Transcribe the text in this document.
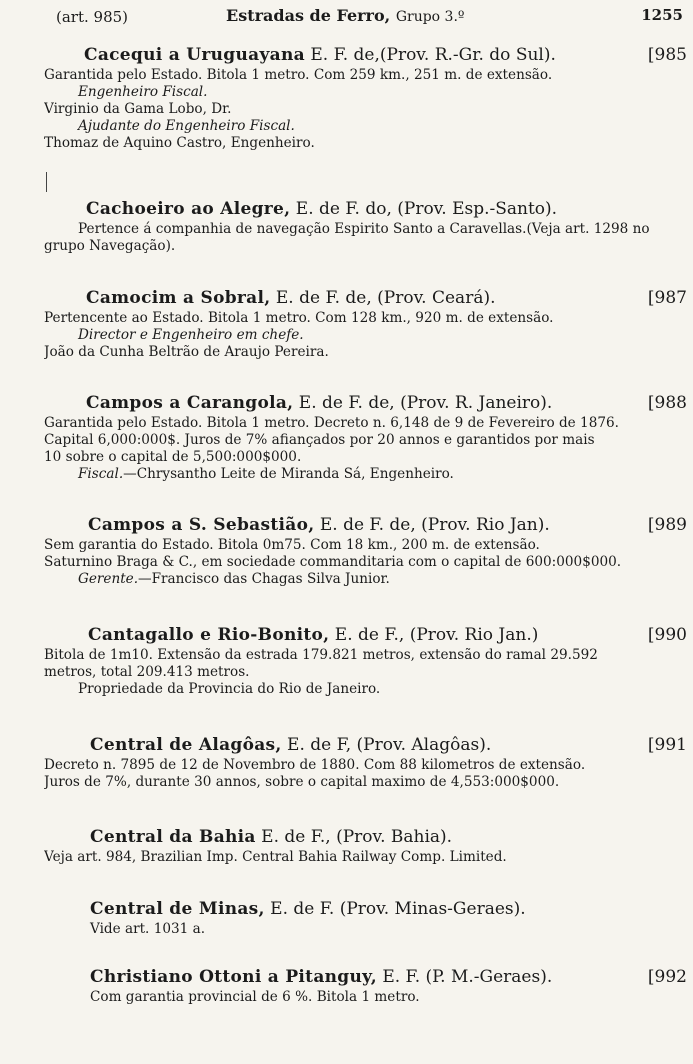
(art. 985)	Estradas de Ferro, Grupo 3.º	1255
Cacequi a Uruguayana E. F. de,(Prov. R.-Gr. do Sul).	[985
Garantida pelo Estado. Bitola 1 metro. Com 259 km., 251 m. de extensão.
Engenheiro Fiscal.
Virginio da Gama Lobo, Dr.
Ajudante do Engenheiro Fiscal.
Thomaz de Aquino Castro, Engenheiro.
Cachoeiro ao Alegre, E. de F. do, (Prov. Esp.-Santo).
Pertence á companhia de navegação Espirito Santo a Caravellas.(Veja art. 1298 no
grupo Navegação).
Camocim a Sobral, E. de F. de, (Prov. Ceará).	[987
Pertencente ao Estado. Bitola 1 metro. Com 128 km., 920 m. de extensão.
Director e Engenheiro em chefe.
João da Cunha Beltrão de Araujo Pereira.
Campos a Carangola, E. de F. de, (Prov. R. Janeiro).	[988
Garantida pelo Estado. Bitola 1 metro. Decreto n. 6,148 de 9 de Fevereiro de 1876.
Capital 6,000:000$. Juros de 7% afiançados por 20 annos e garantidos por mais
10 sobre o capital de 5,500:000$000.
Fiscal.—Chrysantho Leite de Miranda Sá, Engenheiro.
Campos a S. Sebastião, E. de F. de, (Prov. Rio Jan).	[989
Sem garantia do Estado. Bitola 0m75. Com 18 km., 200 m. de extensão.
Saturnino Braga & C., em sociedade commanditaria com o capital de 600:000$000.
Gerente.—Francisco das Chagas Silva Junior.
Cantagallo e Rio-Bonito, E. de F., (Prov. Rio Jan.)	[990
Bitola de 1m10. Extensão da estrada 179.821 metros, extensão do ramal 29.592
metros, total 209.413 metros.
Propriedade da Provincia do Rio de Janeiro.
Central de Alagôas, E. de F, (Prov. Alagôas).	[991
Decreto n. 7895 de 12 de Novembro de 1880. Com 88 kilometros de extensão.
Juros de 7%, durante 30 annos, sobre o capital maximo de 4,553:000$000.
Central da Bahia E. de F., (Prov. Bahia).
Veja art. 984, Brazilian Imp. Central Bahia Railway Comp. Limited.
Central de Minas, E. de F. (Prov. Minas-Geraes).
Vide art. 1031 a.
Christiano Ottoni a Pitanguy, E. F. (P. M.-Geraes).	[992
Com garantia provincial de 6 %. Bitola 1 metro.
